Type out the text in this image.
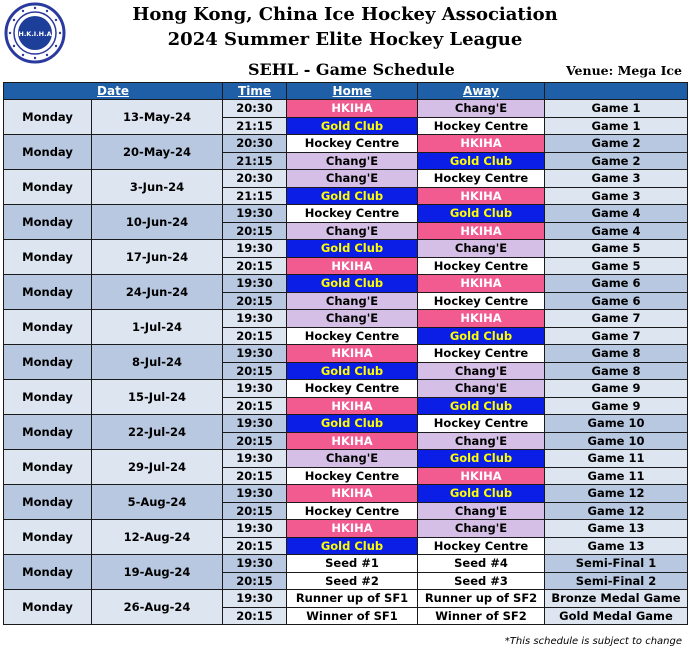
H.K.I.H.A
Hong Kong, China Ice Hockey Association
2024 Summer Elite Hockey League
SEHL - Game Schedule	Venue: Mega Ice
Date		Time	Home	Away	
Monday	13-May-24	20:30	HKIHA	Chang'E	Game 1
		21:15	Gold Club	Hockey Centre	Game 1
Monday	20-May-24	20:30	Hockey Centre	HKIHA	Game 2
		21:15	Chang'E	Gold Club	Game 2
Monday	3-Jun-24	20:30	Chang'E	Hockey Centre	Game 3
		21:15	Gold Club	HKIHA	Game 3
Monday	10-Jun-24	19:30	Hockey Centre	Gold Club	Game 4
		20:15	Chang'E	HKIHA	Game 4
Monday	17-Jun-24	19:30	Gold Club	Chang'E	Game 5
		20:15	HKIHA	Hockey Centre	Game 5
Monday	24-Jun-24	19:30	Gold Club	HKIHA	Game 6
		20:15	Chang'E	Hockey Centre	Game 6
Monday	1-Jul-24	19:30	Chang'E	HKIHA	Game 7
		20:15	Hockey Centre	Gold Club	Game 7
Monday	8-Jul-24	19:30	HKIHA	Hockey Centre	Game 8
		20:15	Gold Club	Chang'E	Game 8
Monday	15-Jul-24	19:30	Hockey Centre	Chang'E	Game 9
		20:15	HKIHA	Gold Club	Game 9
Monday	22-Jul-24	19:30	Gold Club	Hockey Centre	Game 10
		20:15	HKIHA	Chang'E	Game 10
Monday	29-Jul-24	19:30	Chang'E	Gold Club	Game 11
		20:15	Hockey Centre	HKIHA	Game 11
Monday	5-Aug-24	19:30	HKIHA	Gold Club	Game 12
		20:15	Hockey Centre	Chang'E	Game 12
Monday	12-Aug-24	19:30	HKIHA	Chang'E	Game 13
		20:15	Gold Club	Hockey Centre	Game 13
Monday	19-Aug-24	19:30	Seed #1	Seed #4	Semi-Final 1
		20:15	Seed #2	Seed #3	Semi-Final 2
Monday	26-Aug-24	19:30	Runner up of SF1	Runner up of SF2	Bronze Medal Game
		20:15	Winner of SF1	Winner of SF2	Gold Medal Game
*This schedule is subject to change
